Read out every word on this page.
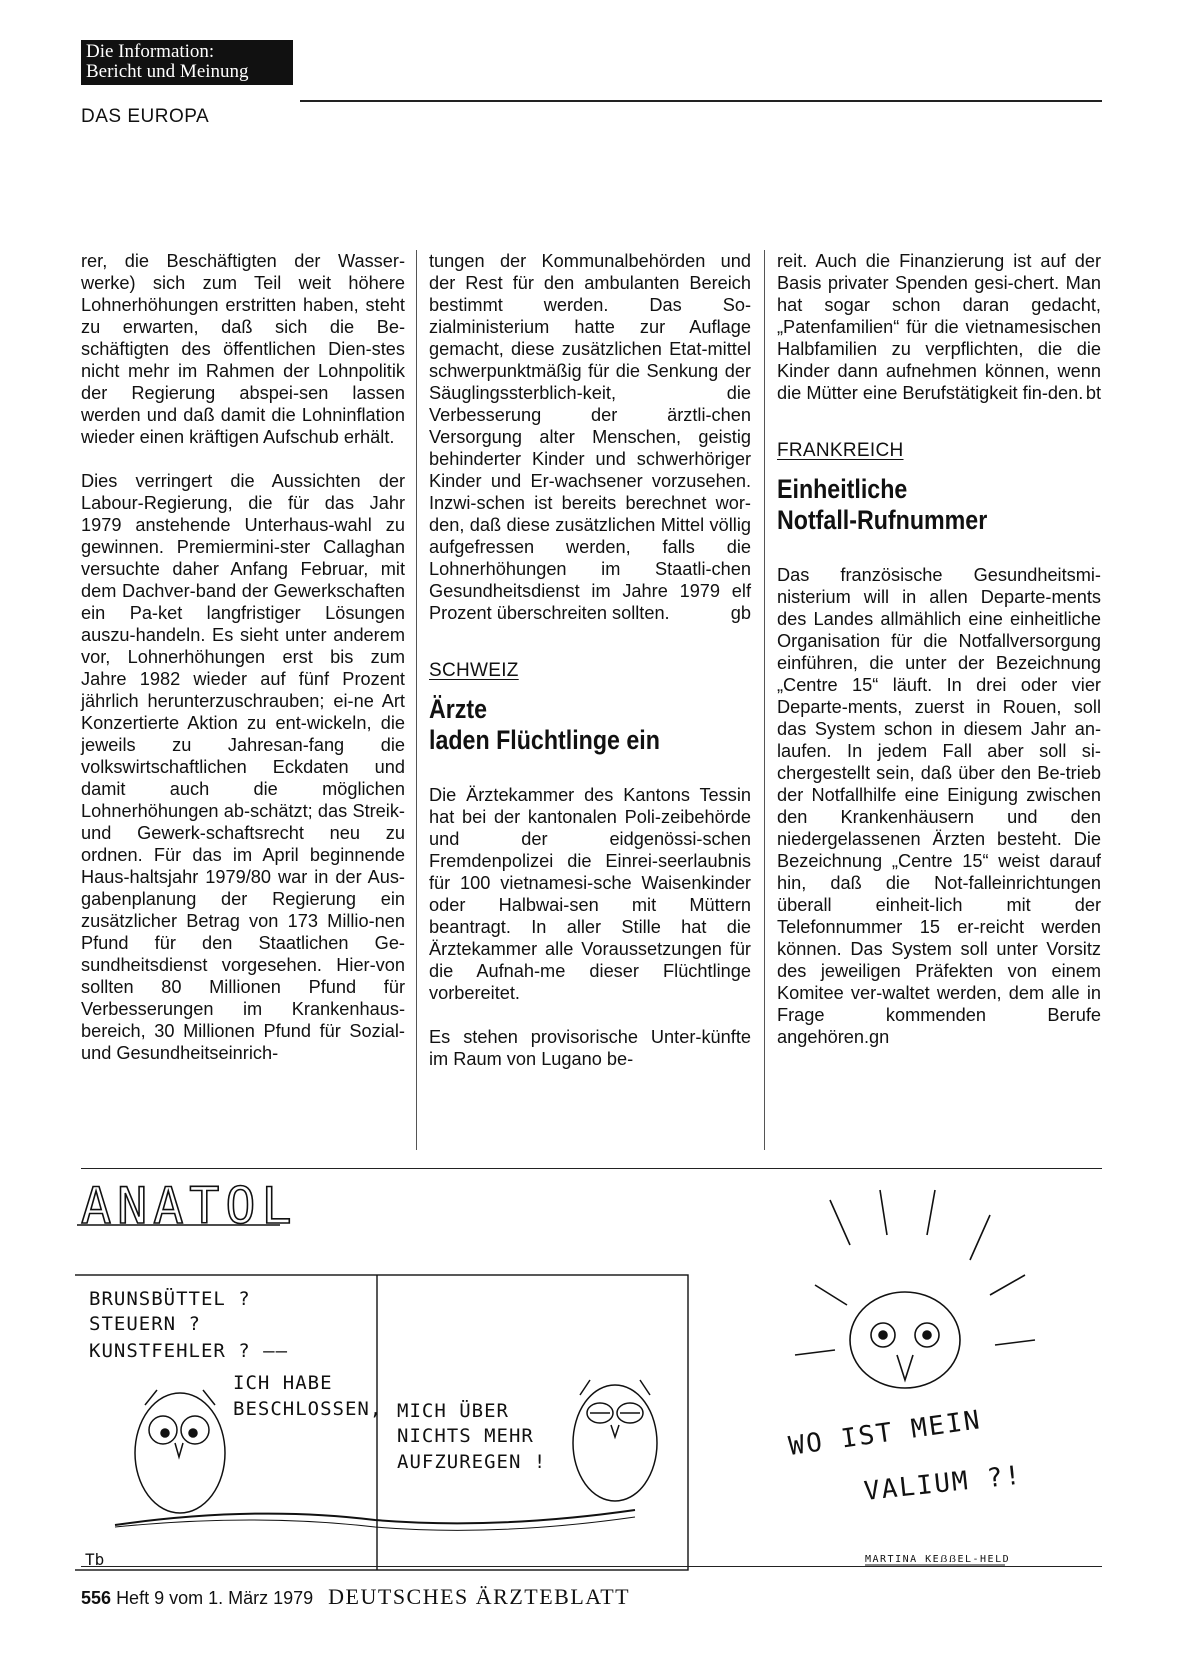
Die Information:
Bericht und Meinung
DAS EUROPA

rer, die Beschäftigten der Wasser-werke) sich zum Teil weit höhere Lohnerhöhungen erstritten haben, steht zu erwarten, daß sich die Be-schäftigten des öffentlichen Dien-stes nicht mehr im Rahmen der Lohnpolitik der Regierung abspei-sen lassen werden und daß damit die Lohninflation wieder einen kräftigen Aufschub erhält.

Dies verringert die Aussichten der Labour-Regierung, die für das Jahr 1979 anstehende Unterhaus-wahl zu gewinnen. Premiermini-ster Callaghan versuchte daher Anfang Februar, mit dem Dachver-band der Gewerkschaften ein Pa-ket langfristiger Lösungen auszu-handeln. Es sieht unter anderem vor, Lohnerhöhungen erst bis zum Jahre 1982 wieder auf fünf Prozent jährlich herunterzuschrauben; ei-ne Art Konzertierte Aktion zu ent-wickeln, die jeweils zu Jahresan-fang die volkswirtschaftlichen Eckdaten und damit auch die möglichen Lohnerhöhungen ab-schätzt; das Streik- und Gewerk-schaftsrecht neu zu ordnen. Für das im April beginnende Haus-haltsjahr 1979/80 war in der Aus-gabenplanung der Regierung ein zusätzlicher Betrag von 173 Millio-nen Pfund für den Staatlichen Ge-sundheitsdienst vorgesehen. Hier-von sollten 80 Millionen Pfund für Verbesserungen im Krankenhaus-bereich, 30 Millionen Pfund für Sozial- und Gesundheitseinrich-

tungen der Kommunalbehörden und der Rest für den ambulanten Bereich bestimmt werden. Das So-zialministerium hatte zur Auflage gemacht, diese zusätzlichen Etat-mittel schwerpunktmäßig für die Senkung der Säuglingssterblich-keit, die Verbesserung der ärztli-chen Versorgung alter Menschen, geistig behinderter Kinder und schwerhöriger Kinder und Er-wachsener vorzusehen. Inzwi-schen ist bereits berechnet wor-den, daß diese zusätzlichen Mittel völlig aufgefressen werden, falls die Lohnerhöhungen im Staatli-chen Gesundheitsdienst im Jahre 1979 elf Prozent überschreiten sollten.	gb

SCHWEIZ
Ärzte
laden Flüchtlinge ein

Die Ärztekammer des Kantons Tessin hat bei der kantonalen Poli-zeibehörde und der eidgenössi-schen Fremdenpolizei die Einrei-seerlaubnis für 100 vietnamesi-sche Waisenkinder oder Halbwai-sen mit Müttern beantragt. In aller Stille hat die Ärztekammer alle Voraussetzungen für die Aufnah-me dieser Flüchtlinge vorbereitet.

Es stehen provisorische Unter-künfte im Raum von Lugano be-

reit. Auch die Finanzierung ist auf der Basis privater Spenden gesi-chert. Man hat sogar schon daran gedacht, „Patenfamilien“ für die vietnamesischen Halbfamilien zu verpflichten, die die Kinder dann aufnehmen können, wenn die Mütter eine Berufstätigkeit fin-den. bt

FRANKREICH
Einheitliche
Notfall-Rufnummer

Das französische Gesundheitsmi-nisterium will in allen Departe-ments des Landes allmählich eine einheitliche Organisation für die Notfallversorgung einführen, die unter der Bezeichnung „Centre 15“ läuft. In drei oder vier Departe-ments, zuerst in Rouen, soll das System schon in diesem Jahr an-laufen. In jedem Fall aber soll si-chergestellt sein, daß über den Be-trieb der Notfallhilfe eine Einigung zwischen den Krankenhäusern und den niedergelassenen Ärzten besteht. Die Bezeichnung „Centre 15“ weist darauf hin, daß die Not-falleinrichtungen überall einheit-lich mit der Telefonnummer 15 er-reicht werden können. Das System soll unter Vorsitz des jeweiligen Präfekten von einem Komitee ver-waltet werden, dem alle in Frage kommenden Berufe angehören.gn

ANATOL
BRUNSBÜTTEL ?
STEUERN ?
KUNSTFEHLER ? ——
ICH HABE
BESCHLOSSEN, MICH ÜBER
NICHTS MEHR
AUFZUREGEN !
Tb
WO IST MEIN
VALIUM ?!
MARTINA KEẞẞEL-HELD
556 Heft 9 vom 1. März 1979 DEUTSCHES ÄRZTEBLATT
